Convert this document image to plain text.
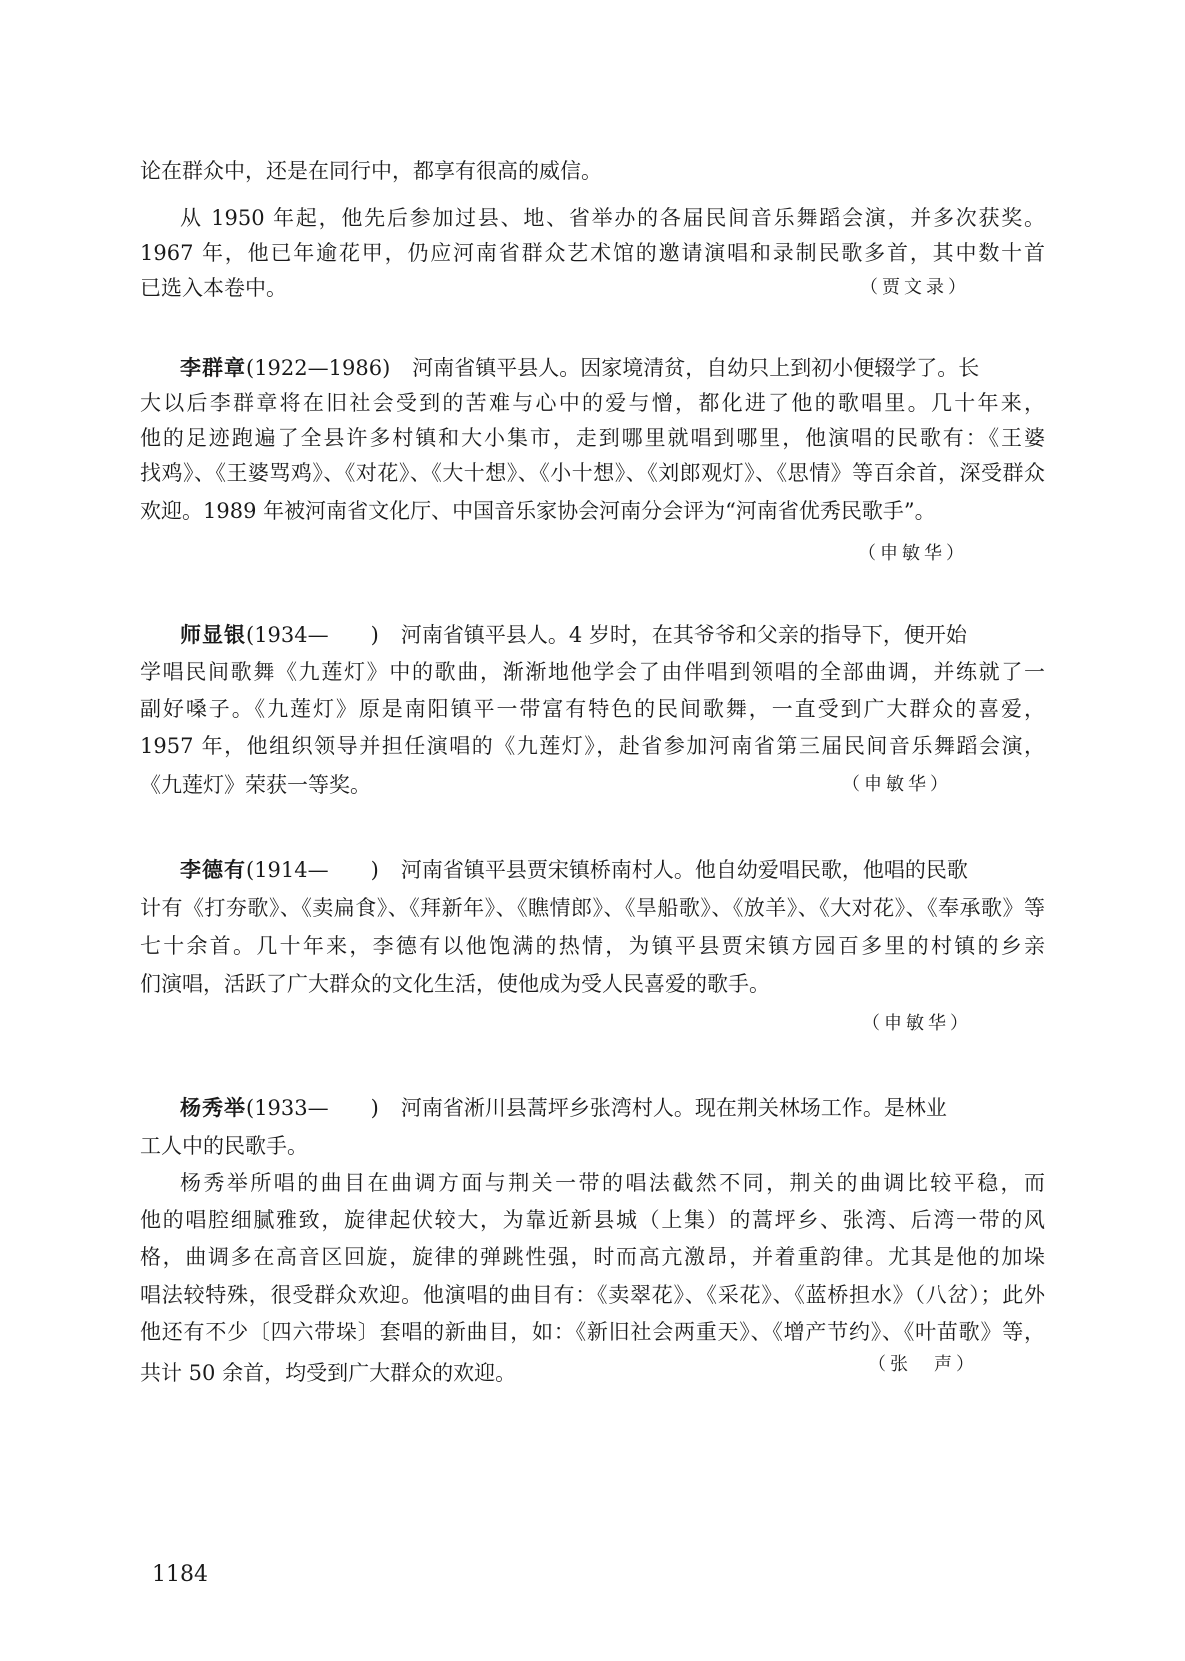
论在群众中，还是在同行中，都享有很高的威信。
从 1950 年起，他先后参加过县、地、省举办的各届民间音乐舞蹈会演，并多次获奖。
1967 年，他已年逾花甲，仍应河南省群众艺术馆的邀请演唱和录制民歌多首，其中数十首
已选入本卷中。	（贾文录）
李群章(1922—1986) 河南省镇平县人。因家境清贫，自幼只上到初小便辍学了。长
大以后李群章将在旧社会受到的苦难与心中的爱与憎，都化进了他的歌唱里。几十年来，
他的足迹跑遍了全县许多村镇和大小集市，走到哪里就唱到哪里，他演唱的民歌有：《王婆
找鸡》、《王婆骂鸡》、《对花》、《大十想》、《小十想》、《刘郎观灯》、《思情》等百余首，深受群众
欢迎。1989 年被河南省文化厅、中国音乐家协会河南分会评为“河南省优秀民歌手”。
（申敏华）
师显银(1934—　　) 河南省镇平县人。4 岁时，在其爷爷和父亲的指导下，便开始
学唱民间歌舞《九莲灯》中的歌曲，渐渐地他学会了由伴唱到领唱的全部曲调，并练就了一
副好嗓子。《九莲灯》原是南阳镇平一带富有特色的民间歌舞，一直受到广大群众的喜爱，
1957 年，他组织领导并担任演唱的《九莲灯》，赴省参加河南省第三届民间音乐舞蹈会演，
《九莲灯》荣获一等奖。	（申敏华）
李德有(1914—　　) 河南省镇平县贾宋镇桥南村人。他自幼爱唱民歌，他唱的民歌
计有《打夯歌》、《卖扁食》、《拜新年》、《瞧情郎》、《旱船歌》、《放羊》、《大对花》、《奉承歌》等
七十余首。几十年来，李德有以他饱满的热情，为镇平县贾宋镇方园百多里的村镇的乡亲
们演唱，活跃了广大群众的文化生活，使他成为受人民喜爱的歌手。
（申敏华）
杨秀举(1933—　　) 河南省淅川县蒿坪乡张湾村人。现在荆关林场工作。是林业
工人中的民歌手。
杨秀举所唱的曲目在曲调方面与荆关一带的唱法截然不同，荆关的曲调比较平稳，而
他的唱腔细腻雅致，旋律起伏较大，为靠近新县城（上集）的蒿坪乡、张湾、后湾一带的风
格，曲调多在高音区回旋，旋律的弹跳性强，时而高亢激昂，并着重韵律。尤其是他的加垛
唱法较特殊，很受群众欢迎。他演唱的曲目有：《卖翠花》、《采花》、《蓝桥担水》（八岔）；此外
他还有不少〔四六带垛〕套唱的新曲目，如：《新旧社会两重天》、《增产节约》、《叶苗歌》等，
共计 50 余首，均受到广大群众的欢迎。	（张　声）
1184
